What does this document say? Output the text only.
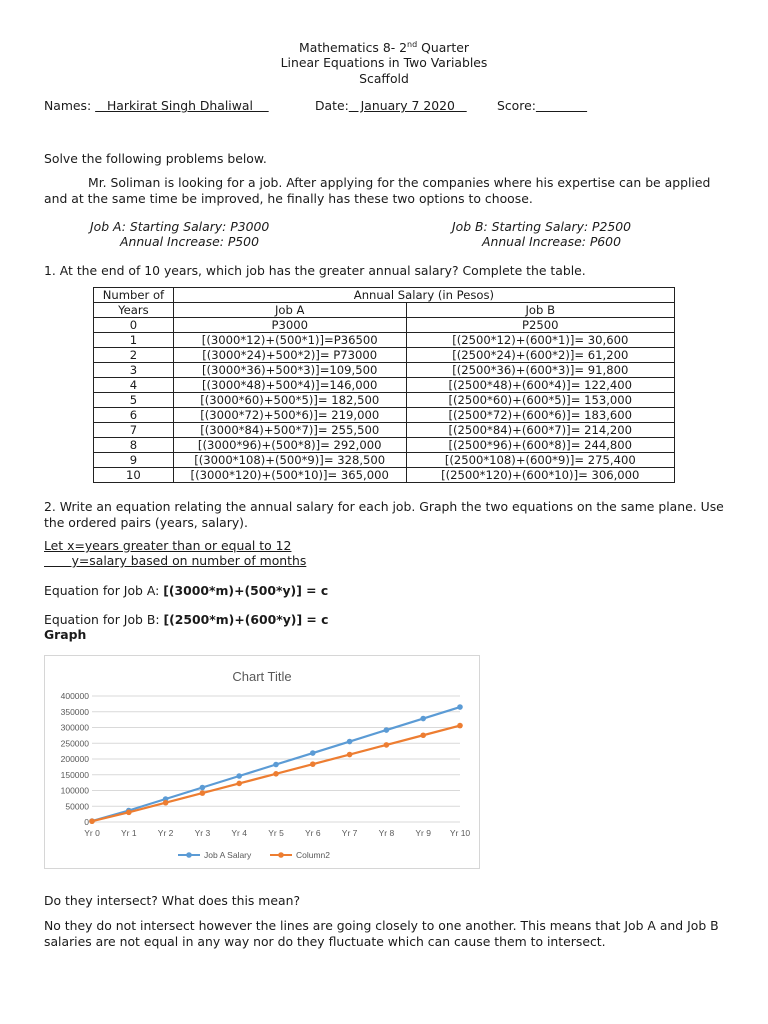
Mathematics 8- 2nd Quarter
Linear Equations in Two Variables
Scaffold
Names:    Harkirat Singh Dhaliwal	Date:   January 7 2020 Score:
Solve the following problems below.
Mr. Soliman is looking for a job. After applying for the companies where his expertise can be applied and at the same time be improved, he finally has these two options to choose.
Job A: Starting Salary: P3000
Annual Increase: P500
Job B: Starting Salary: P2500
Annual Increase: P600
1. At the end of 10 years, which job has the greater annual salary? Complete the table.
Number of	Annual Salary (in Pesos)	
Years	Job A	Job B
0	P3000	P2500
1	[(3000*12)+(500*1)]=P36500	[(2500*12)+(600*1)]= 30,600
2	[(3000*24)+500*2)]= P73000	[(2500*24)+(600*2)]= 61,200
3	[(3000*36)+500*3)]=109,500	[(2500*36)+(600*3)]= 91,800
4	[(3000*48)+500*4)]=146,000	[(2500*48)+(600*4)]= 122,400
5	[(3000*60)+500*5)]= 182,500	[(2500*60)+(600*5)]= 153,000
6	[(3000*72)+500*6)]= 219,000	[(2500*72)+(600*6)]= 183,600
7	[(3000*84)+500*7)]= 255,500	[(2500*84)+(600*7)]= 214,200
8	[(3000*96)+(500*8)]= 292,000	[(2500*96)+(600*8)]= 244,800
9	[(3000*108)+(500*9)]= 328,500	[(2500*108)+(600*9)]= 275,400
10	[(3000*120)+(500*10)]= 365,000	[(2500*120)+(600*10)]= 306,000
2. Write an equation relating the annual salary for each job. Graph the two equations on the same plane. Use the ordered pairs (years, salary).
Let x=years greater than or equal to 12
y=salary based on number of months
Equation for Job A: [(3000*m)+(500*y)] = c
Equation for Job B: [(2500*m)+(600*y)] = c
Graph
Chart Title
400000
350000
300000
250000
200000
150000
100000
50000
0
Yr 0 Yr 1 Yr 2 Yr 3 Yr 4 Yr 5 Yr 6 Yr 7 Yr 8 Yr 9 Yr 10
Job A Salary	Column2
Do they intersect? What does this mean?
No they do not intersect however the lines are going closely to one another. This means that Job A and Job B salaries are not equal in any way nor do they fluctuate which can cause them to intersect.
